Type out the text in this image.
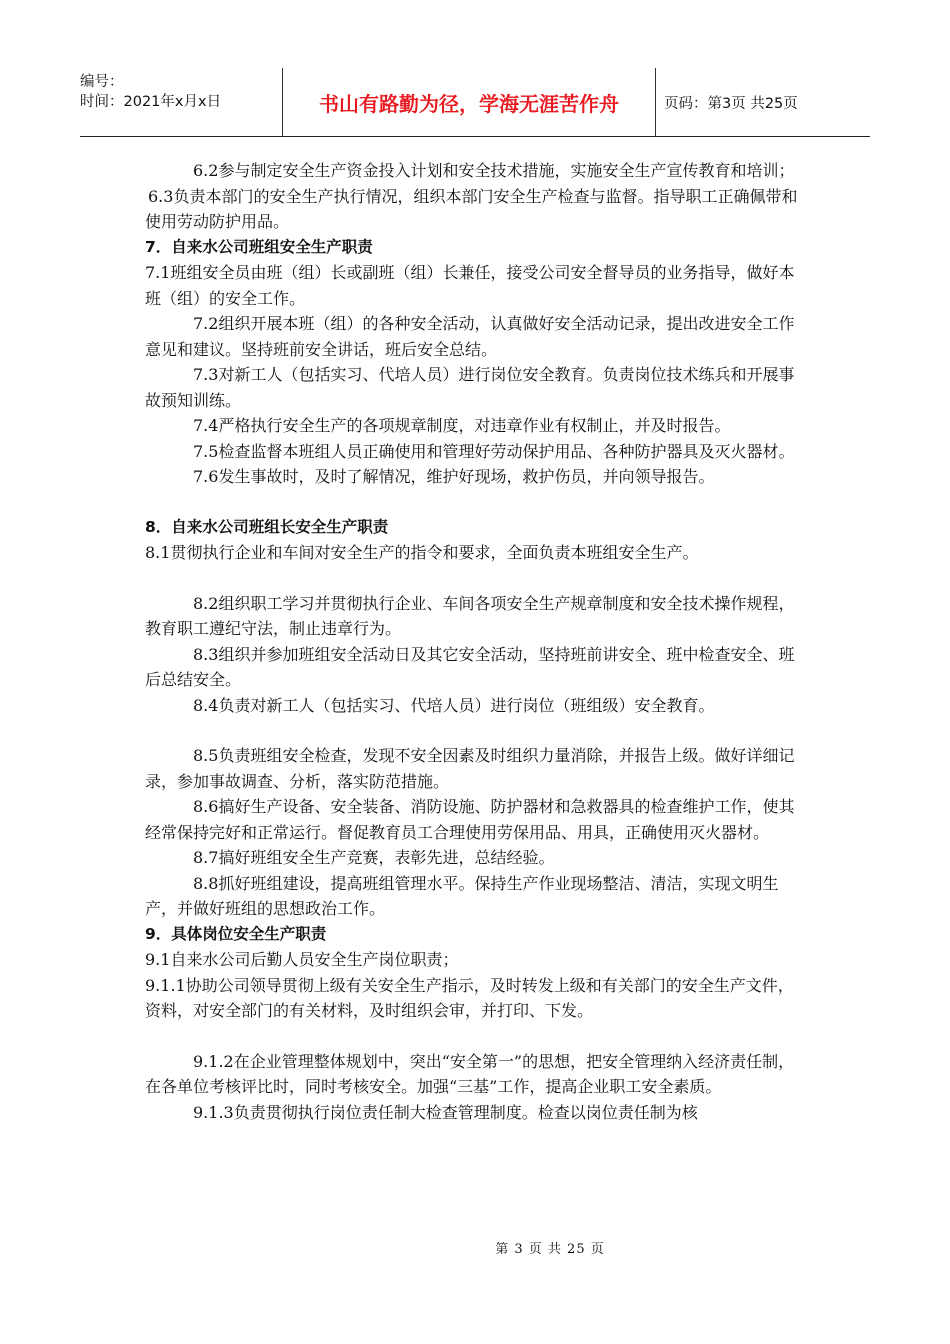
编号：
时间：2021年x月x日	书山有路勤为径，学海无涯苦作舟	页码：第3页 共25页
6.2参与制定安全生产资金投入计划和安全技术措施，实施安全生产宣传教育和培训；
6.3负责本部门的安全生产执行情况，组织本部门安全生产检查与监督。指导职工正确佩带和使用劳动防护用品。
7．自来水公司班组安全生产职责
7.1班组安全员由班（组）长或副班（组）长兼任，接受公司安全督导员的业务指导，做好本班（组）的安全工作。
7.2组织开展本班（组）的各种安全活动，认真做好安全活动记录，提出改进安全工作意见和建议。坚持班前安全讲话，班后安全总结。
7.3对新工人（包括实习、代培人员）进行岗位安全教育。负责岗位技术练兵和开展事故预知训练。
7.4严格执行安全生产的各项规章制度，对违章作业有权制止，并及时报告。
7.5检查监督本班组人员正确使用和管理好劳动保护用品、各种防护器具及灭火器材。
7.6发生事故时，及时了解情况，维护好现场，救护伤员，并向领导报告。
8．自来水公司班组长安全生产职责
8.1贯彻执行企业和车间对安全生产的指令和要求，全面负责本班组安全生产。
8.2组织职工学习并贯彻执行企业、车间各项安全生产规章制度和安全技术操作规程，教育职工遵纪守法，制止违章行为。
8.3组织并参加班组安全活动日及其它安全活动，坚持班前讲安全、班中检查安全、班后总结安全。
8.4负责对新工人（包括实习、代培人员）进行岗位（班组级）安全教育。
8.5负责班组安全检查，发现不安全因素及时组织力量消除，并报告上级。做好详细记录，参加事故调查、分析，落实防范措施。
8.6搞好生产设备、安全装备、消防设施、防护器材和急救器具的检查维护工作，使其经常保持完好和正常运行。督促教育员工合理使用劳保用品、用具，正确使用灭火器材。
8.7搞好班组安全生产竞赛，表彰先进，总结经验。
8.8抓好班组建设，提高班组管理水平。保持生产作业现场整洁、清洁，实现文明生产，并做好班组的思想政治工作。
9．具体岗位安全生产职责
9.1自来水公司后勤人员安全生产岗位职责；
9.1.1协助公司领导贯彻上级有关安全生产指示，及时转发上级和有关部门的安全生产文件，资料，对安全部门的有关材料，及时组织会审，并打印、下发。
9.1.2在企业管理整体规划中，突出“安全第一”的思想，把安全管理纳入经济责任制，在各单位考核评比时，同时考核安全。加强“三基”工作，提高企业职工安全素质。
9.1.3负责贯彻执行岗位责任制大检查管理制度。检查以岗位责任制为核
第 3 页 共 25 页
